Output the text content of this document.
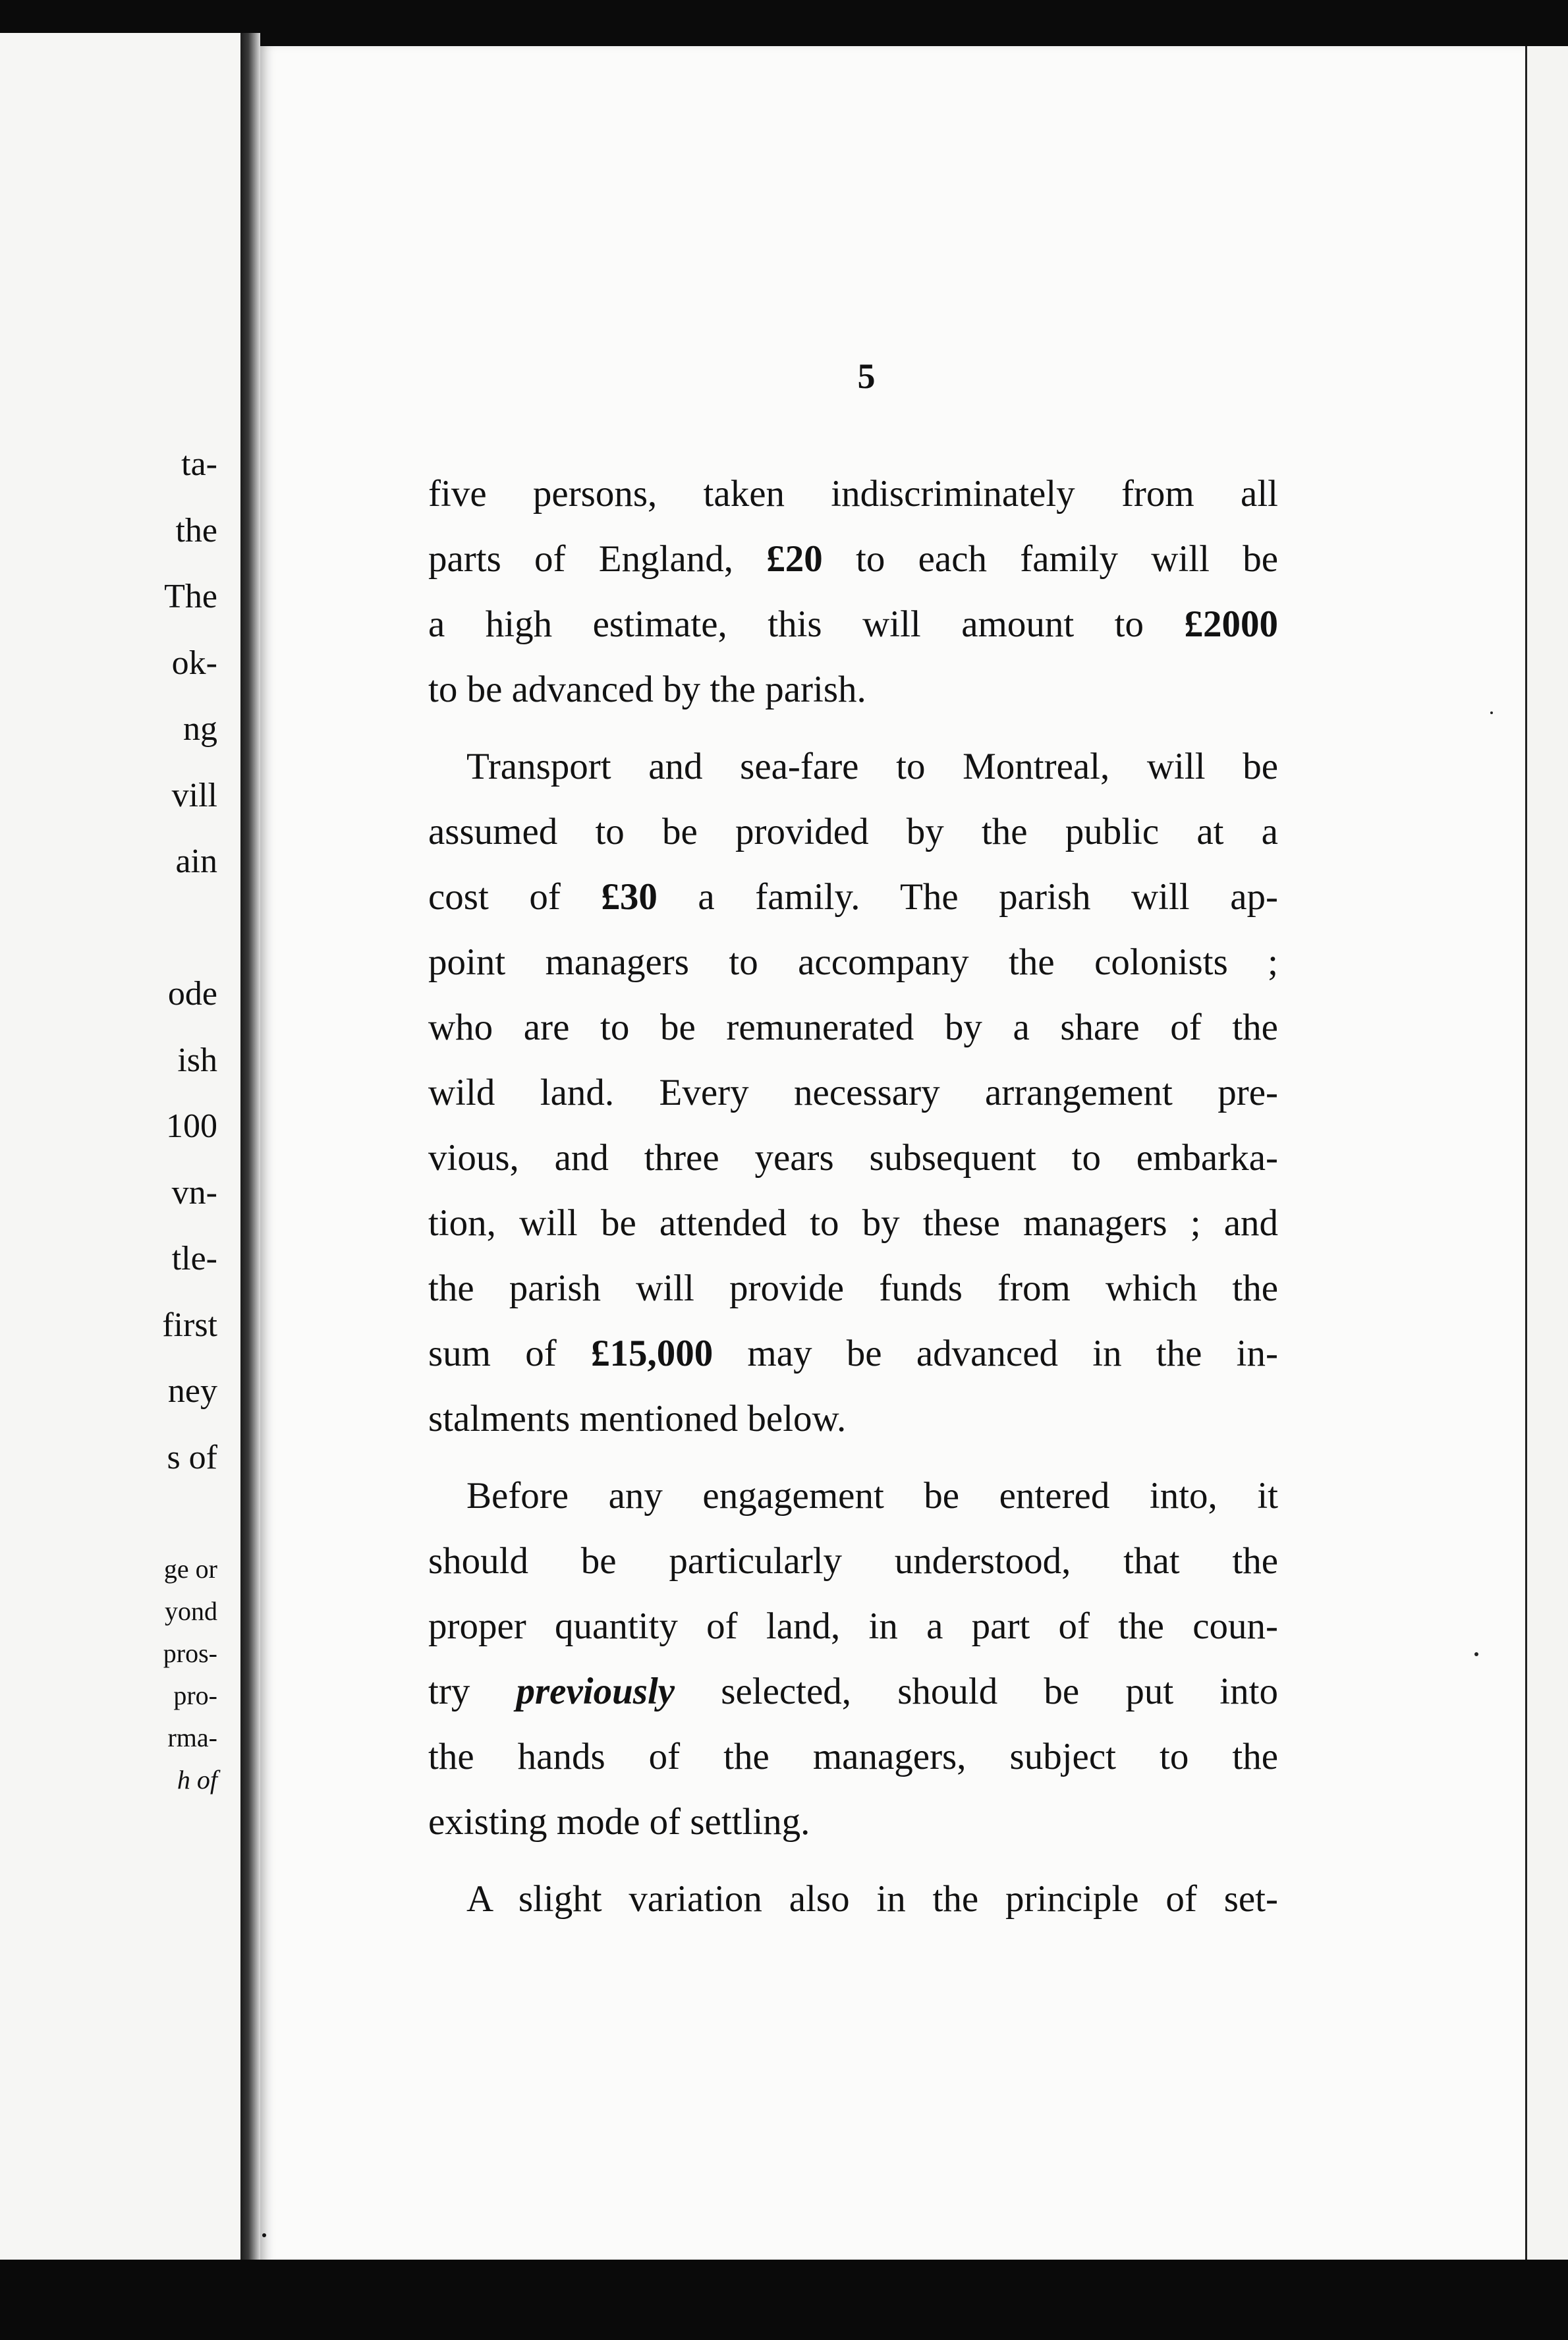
ta-
the
The
ok-
ng
vill
ain
ode
ish
100
vn-
tle-
first
ney
s of
ge or
yond
pros-
pro-
rma-
h of
5
five persons, taken indiscriminately from all
parts of England, £20 to each family will be
a high estimate, this will amount to £2000
to be advanced by the parish.
Transport and sea-fare to Montreal, will be
assumed to be provided by the public at a
cost of £30 a family. The parish will ap-
point managers to accompany the colonists ;
who are to be remunerated by a share of the
wild land. Every necessary arrangement pre-
vious, and three years subsequent to embarka-
tion, will be attended to by these managers ; and
the parish will provide funds from which the
sum of £15,000 may be advanced in the in-
stalments mentioned below.
Before any engagement be entered into, it
should be particularly understood, that the
proper quantity of land, in a part of the coun-
try previously selected, should be put into
the hands of the managers, subject to the
existing mode of settling.
A slight variation also in the principle of set-
